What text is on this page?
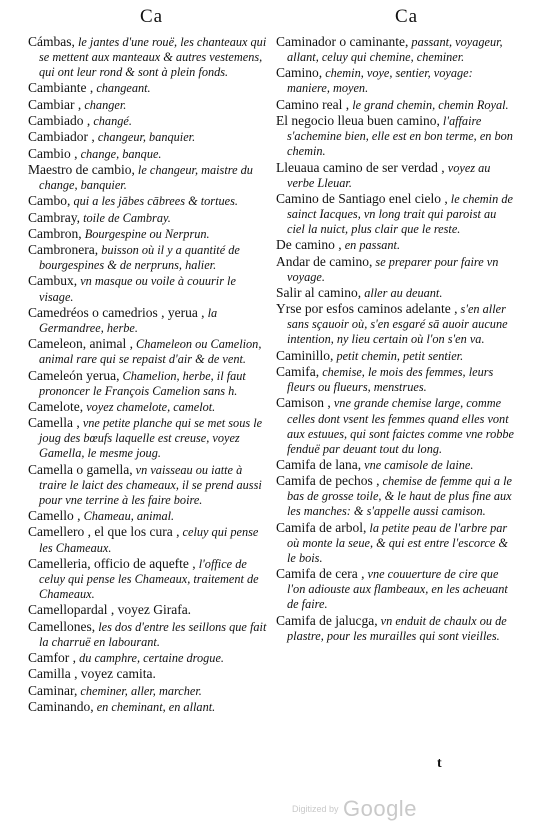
Ca	Ca
Cámbas, le jantes d'une rouë, les chanteaux qui se mettent aux manteaux & autres vestemens, qui ont leur rond & sont à plein fonds.
Cambiante , changeant.
Cambiar , changer.
Cambiado , changé.
Cambiador , changeur, banquier.
Cambio , change, banque.
Maestro de cambio, le changeur, maistre du change, banquier.
Cambo, qui a les jābes cābrees & tortues.
Cambray, toile de Cambray.
Cambron, Bourgespine ou Nerprun.
Cambronera, buisson où il y a quantité de bourgespines & de nerpruns, halier.
Cambux, vn masque ou voile à couurir le visage.
Camedréos o camedrios , yerua , la Germandree, herbe.
Cameleon, animal , Chameleon ou Camelion, animal rare qui se repaist d'air & de vent.
Cameleón yerua, Chamelion, herbe, il faut prononcer le François Camelion sans h.
Camelote, voyez chamelote, camelot.
Camella , vne petite planche qui se met sous le joug des bœufs laquelle est creuse, voyez Gamella, le mesme joug.
Camella o gamella, vn vaisseau ou iatte à traire le laict des chameaux, il se prend aussi pour vne terrine à les faire boire.
Camello , Chameau, animal.
Camellero , el que los cura , celuy qui pense les Chameaux.
Camelleria, officio de aquefte , l'office de celuy qui pense les Chameaux, traitement de Chameaux.
Camellopardal , voyez Girafa.
Camellones, les dos d'entre les seillons que fait la charruë en labourant.
Camfor , du camphre, certaine drogue.
Camilla , voyez camita.
Caminar, cheminer, aller, marcher.
Caminando, en cheminant, en allant.
Caminador o caminante, passant, voyageur, allant, celuy qui chemine, cheminer.
Camino, chemin, voye, sentier, voyage: maniere, moyen.
Camino real , le grand chemin, chemin Royal.
El negocio lleua buen camino, l'affaire s'achemine bien, elle est en bon terme, en bon chemin.
Lleuaua camino de ser verdad , voyez au verbe Lleuar.
Camino de Santiago enel cielo , le chemin de sainct Iacques, vn long trait qui paroist au ciel la nuict, plus clair que le reste.
De camino , en passant.
Andar de camino, se preparer pour faire vn voyage.
Salir al camino, aller au deuant.
Yrse por esfos caminos adelante , s'en aller sans sçauoir où, s'en esgaré sā auoir aucune intention, ny lieu certain où l'on s'en va.
Caminillo, petit chemin, petit sentier.
Camifa, chemise, le mois des femmes, leurs fleurs ou flueurs, menstrues.
Camison , vne grande chemise large, comme celles dont vsent les femmes quand elles vont aux estuues, qui sont faictes comme vne robbe fenduë par deuant tout du long.
Camifa de lana, vne camisole de laine.
Camifa de pechos , chemise de femme qui a le bas de grosse toile, & le haut de plus fine aux les manches: & s'appelle aussi camison.
Camifa de arbol, la petite peau de l'arbre par où monte la seue, & qui est entre l'escorce & le bois.
Camifa de cera , vne couuerture de cire que l'on adiouste aux flambeaux, en les acheuant de faire.
Camifa de jalucga, vn enduit de chaulx ou de plastre, pour les murailles qui sont vieilles.
t
Digitized by Google
